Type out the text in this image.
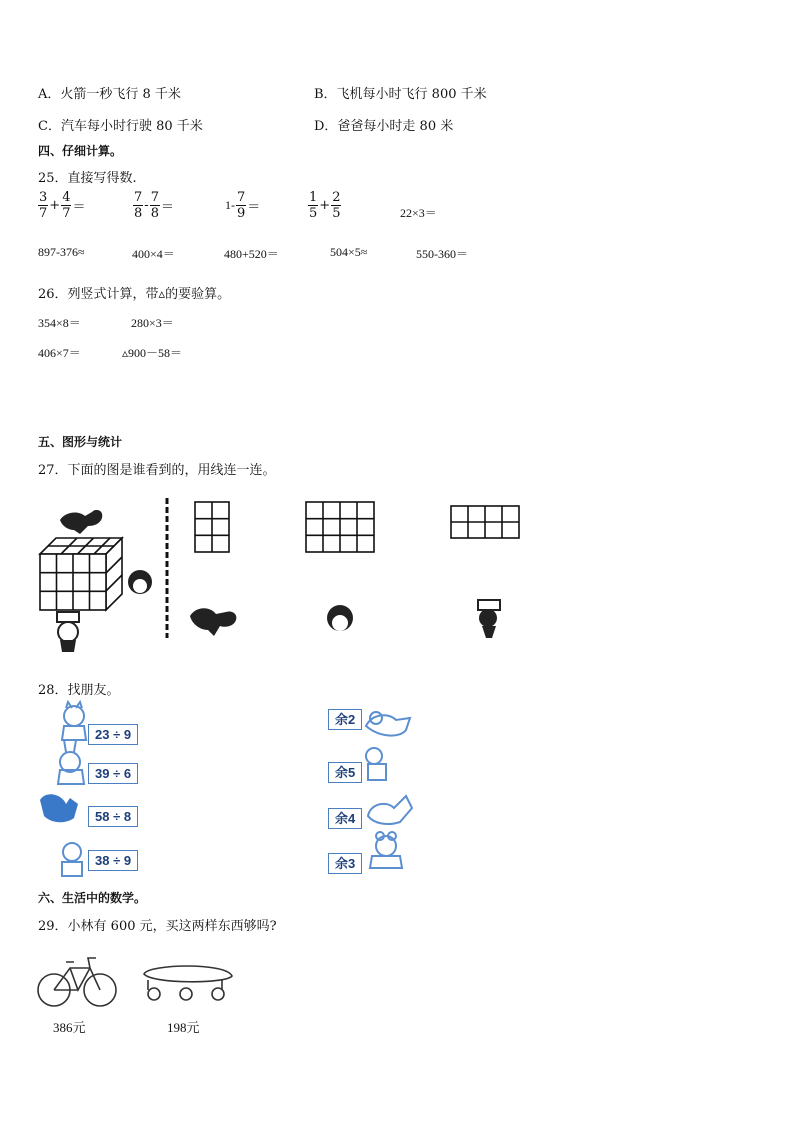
A．火箭一秒飞行 8 千米	B．飞机每小时飞行 800 千米
C．汽车每小时行驶 80 千米	D．爸爸每小时走 80 米
四、仔细计算。
25．直接写得数.
$\frac{3}{7} + \frac{4}{7}$ ＝	$\frac{7}{8} - \frac{7}{8}$ ＝	$1- \frac{7}{9}$ ＝	$\frac{1}{5} + \frac{2}{5}$	22×3＝
897-376≈	400×4＝	480+520＝	504×5≈	550-360＝
26．列竖式计算，带▵的要验算。
354×8＝	280×3＝
406×7＝	▵900－58＝
五、图形与统计
27．下面的图是谁看到的，用线连一连。
28．找朋友。
23 ÷ 9
39 ÷ 6
58 ÷ 8
38 ÷ 9
余2
余5
余4
余3
六、生活中的数学。
29．小林有 600 元，买这两样东西够吗?
386元	198元
